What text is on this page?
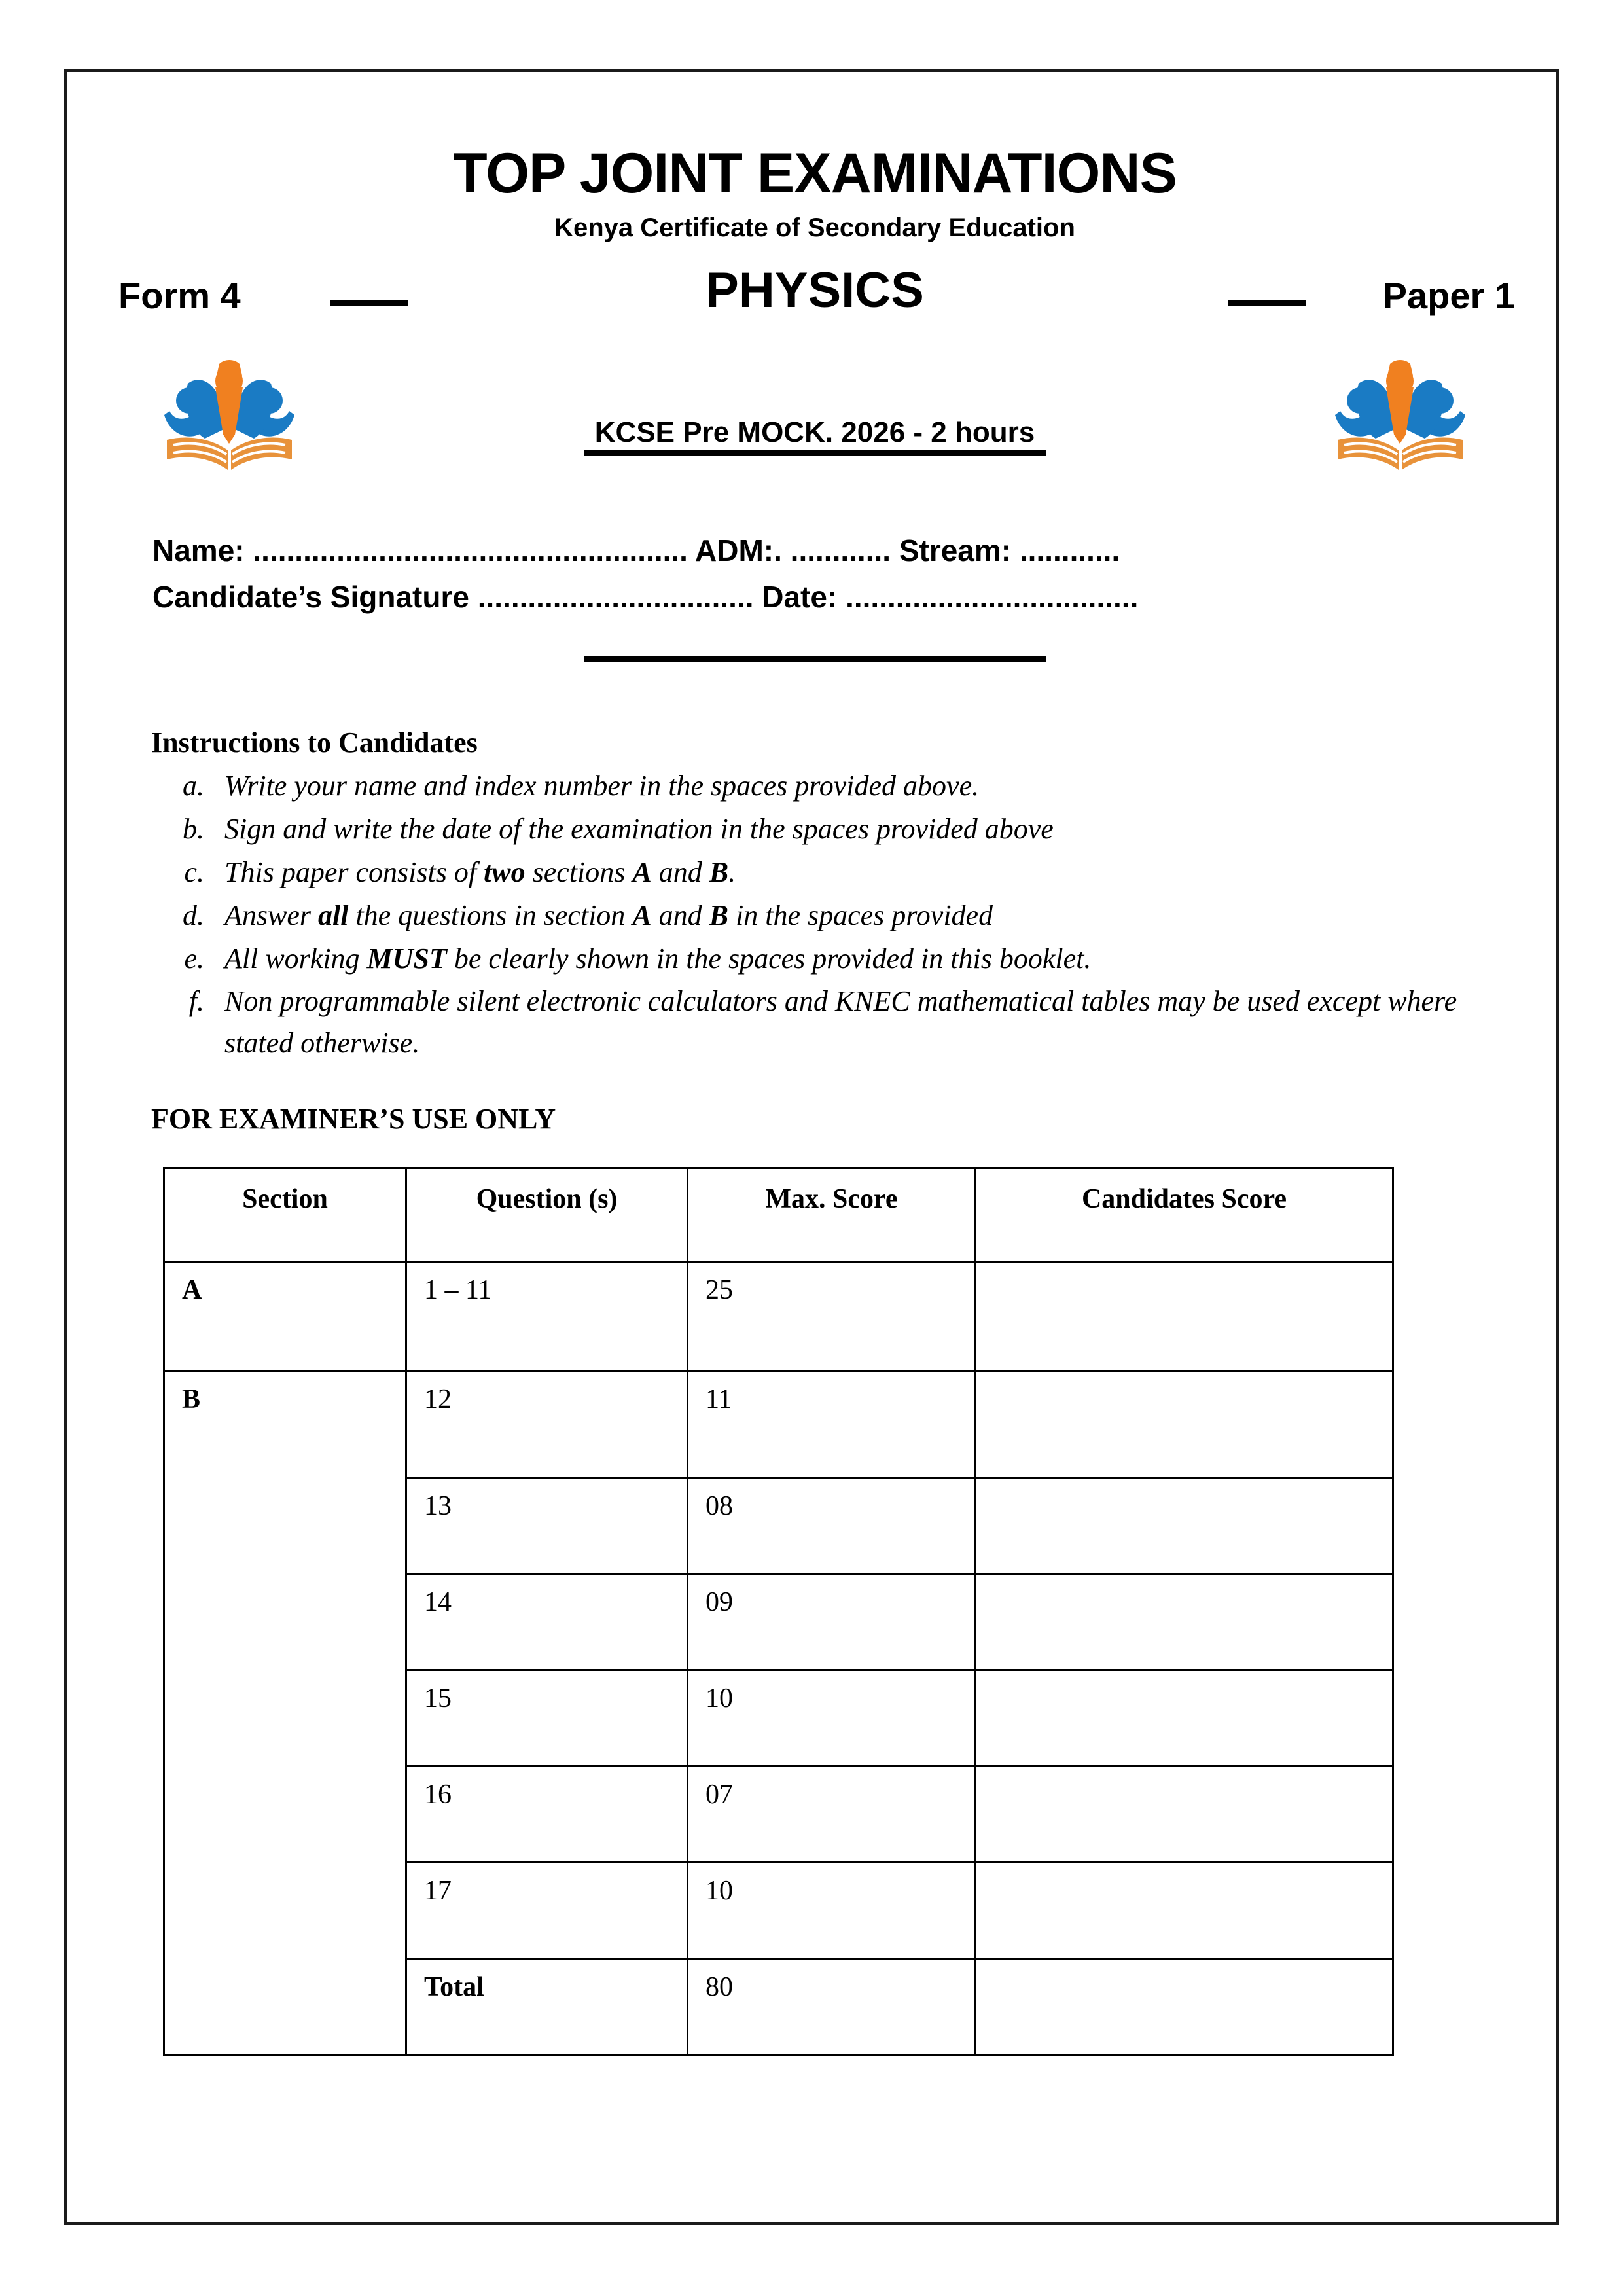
TOP JOINT EXAMINATIONS
Kenya Certificate of Secondary Education
Form 4	PHYSICS	Paper 1
KCSE Pre MOCK. 2026 - 2 hours
Name: .................................................... ADM:. ............ Stream: ............
Candidate’s Signature ................................. Date: ...................................
Instructions to Candidates
a. Write your name and index number in the spaces provided above.
b. Sign and write the date of the examination in the spaces provided above
c. This paper consists of two sections A and B.
d. Answer all the questions in section A and B in the spaces provided
e. All working MUST be clearly shown in the spaces provided in this booklet.
f. Non programmable silent electronic calculators and KNEC mathematical tables may be used except where stated otherwise.
FOR EXAMINER’S USE ONLY
Section	Question (s)	Max. Score	Candidates Score
A	1 – 11	25	
B	12	11	
	13	08	
	14	09	
	15	10	
	16	07	
	17	10	
	Total	80	
